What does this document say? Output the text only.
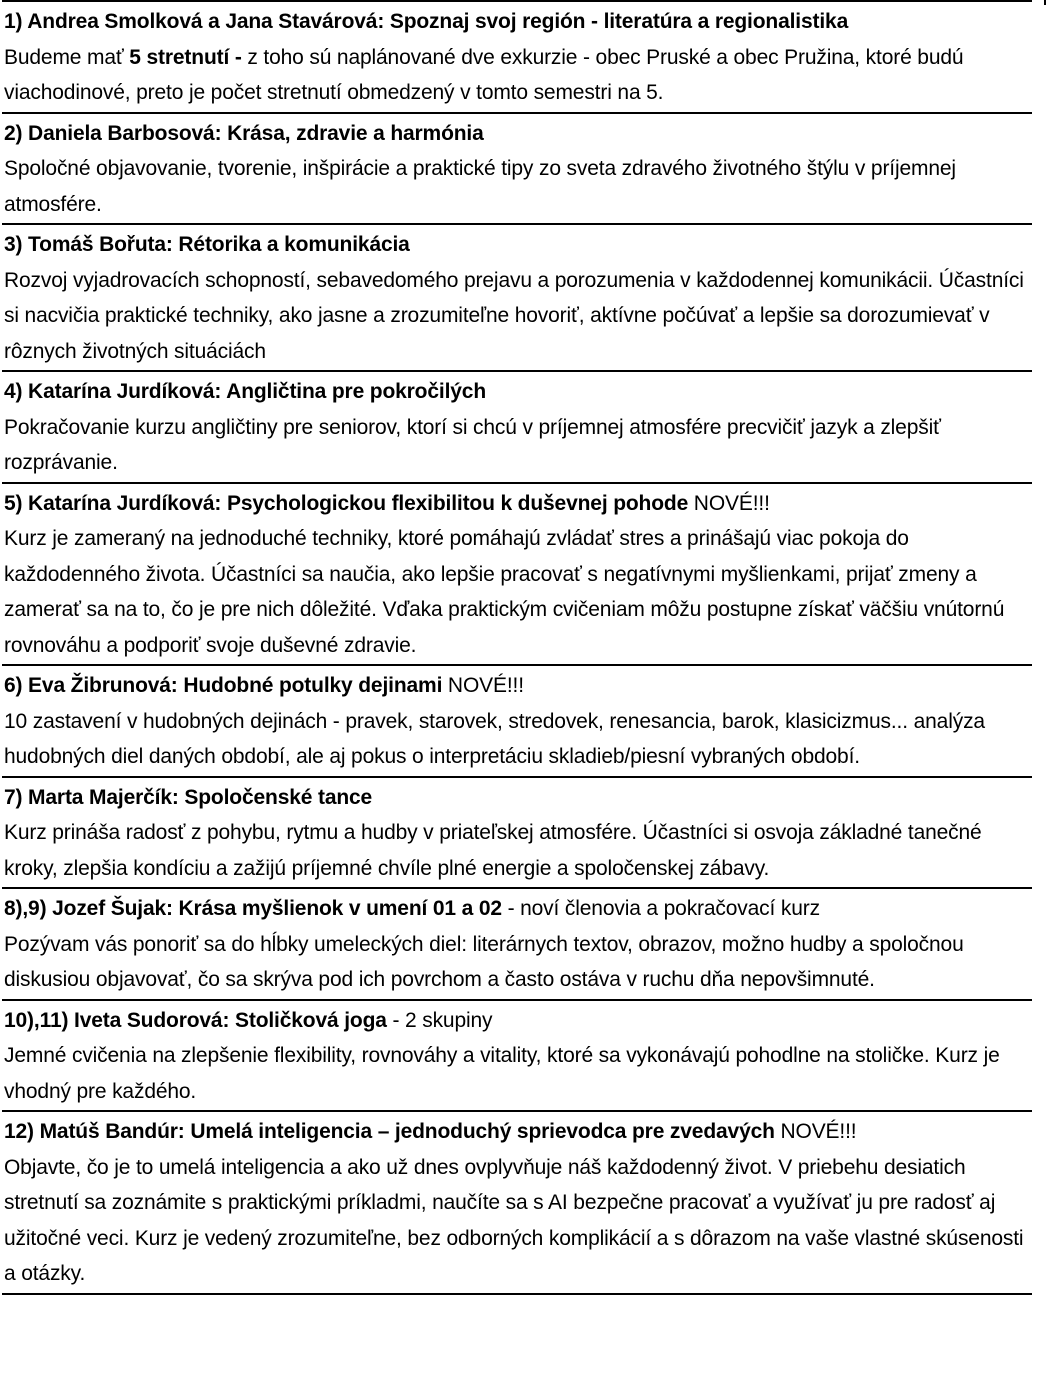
1) Andrea Smolková a Jana Stavárová: Spoznaj svoj región - literatúra a regionalistika
Budeme mať 5 stretnutí - z toho sú naplánované dve exkurzie - obec Pruské a obec Pružina, ktoré budú viachodinové, preto je počet stretnutí obmedzený v tomto semestri na 5.
2) Daniela Barbosová: Krása, zdravie a harmónia
Spoločné objavovanie, tvorenie, inšpirácie a praktické tipy zo sveta zdravého životného štýlu v príjemnej atmosfére.
3) Tomáš Bořuta: Rétorika a komunikácia
Rozvoj vyjadrovacích schopností, sebavedomého prejavu a porozumenia v každodennej komunikácii. Účastníci si nacvičia praktické techniky, ako jasne a zrozumiteľne hovoriť, aktívne počúvať a lepšie sa dorozumievať v rôznych životných situáciách
4) Katarína Jurdíková: Angličtina pre pokročilých
Pokračovanie kurzu angličtiny pre seniorov, ktorí si chcú v príjemnej atmosfére precvičiť jazyk a zlepšiť rozprávanie.
5) Katarína Jurdíková: Psychologickou flexibilitou k duševnej pohode NOVÉ!!!
Kurz je zameraný na jednoduché techniky, ktoré pomáhajú zvládať stres a prinášajú viac pokoja do každodenného života. Účastníci sa naučia, ako lepšie pracovať s negatívnymi myšlienkami, prijať zmeny a zamerať sa na to, čo je pre nich dôležité. Vďaka praktickým cvičeniam môžu postupne získať väčšiu vnútornú rovnováhu a podporiť svoje duševné zdravie.
6) Eva Žibrunová: Hudobné potulky dejinami NOVÉ!!!
10 zastavení v hudobných dejinách - pravek, starovek, stredovek, renesancia, barok, klasicizmus... analýza hudobných diel daných období, ale aj pokus o interpretáciu skladieb/piesní vybraných období.
7) Marta Majerčík: Spoločenské tance
Kurz prináša radosť z pohybu, rytmu a hudby v priateľskej atmosfére. Účastníci si osvoja základné tanečné kroky, zlepšia kondíciu a zažijú príjemné chvíle plné energie a spoločenskej zábavy.
8),9) Jozef Šujak: Krása myšlienok v umení 01 a 02 - noví členovia a pokračovací kurz
Pozývam vás ponoriť sa do hĺbky umeleckých diel: literárnych textov, obrazov, možno hudby a spoločnou diskusiou objavovať, čo sa skrýva pod ich povrchom a často ostáva v ruchu dňa nepovšimnuté.
10),11) Iveta Sudorová: Stoličková joga - 2 skupiny
Jemné cvičenia na zlepšenie flexibility, rovnováhy a vitality, ktoré sa vykonávajú pohodlne na stoličke. Kurz je vhodný pre každého.
12) Matúš Bandúr: Umelá inteligencia – jednoduchý sprievodca pre zvedavých NOVÉ!!!
Objavte, čo je to umelá inteligencia a ako už dnes ovplyvňuje náš každodenný život. V priebehu desiatich stretnutí sa zoznámite s praktickými príkladmi, naučíte sa s AI bezpečne pracovať a využívať ju pre radosť aj užitočné veci. Kurz je vedený zrozumiteľne, bez odborných komplikácií a s dôrazom na vaše vlastné skúsenosti a otázky.
